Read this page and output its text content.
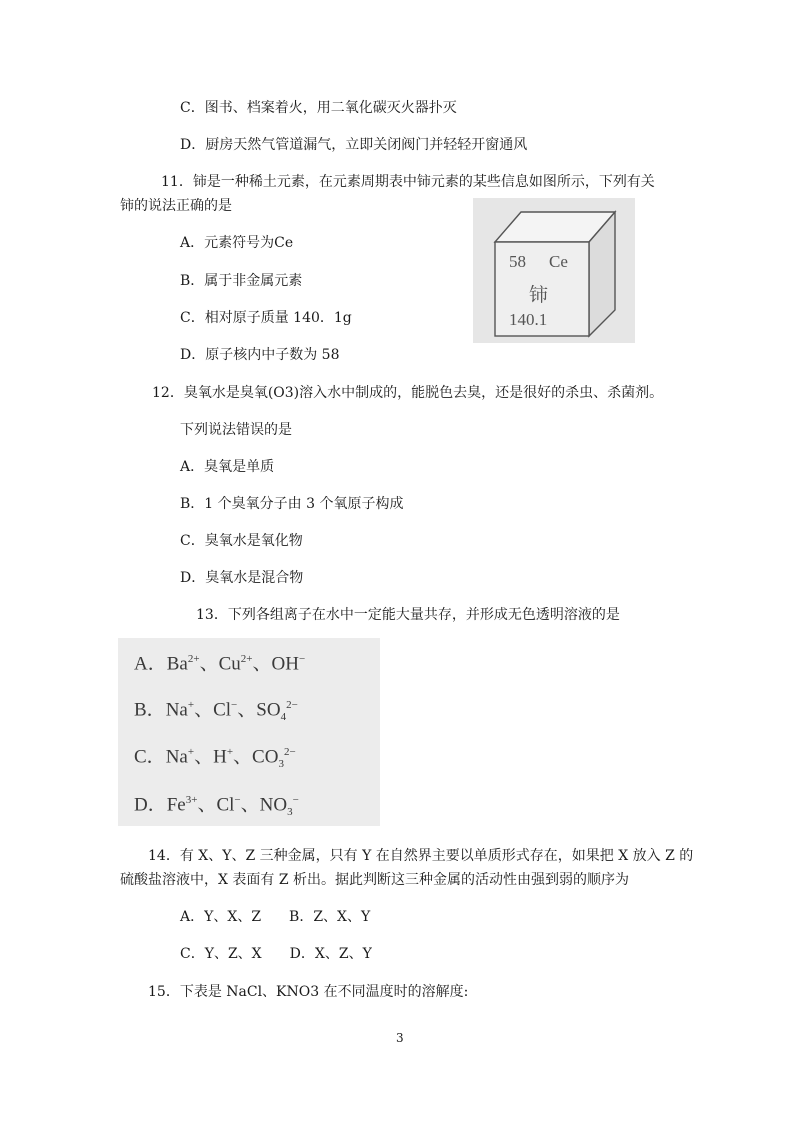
C．图书、档案着火，用二氧化碳灭火器扑灭
D．厨房天然气管道漏气，立即关闭阀门并轻轻开窗通风
11．铈是一种稀土元素，在元素周期表中铈元素的某些信息如图所示，下列有关
铈的说法正确的是
A．元素符号为Ce
B．属于非金属元素
C．相对原子质量 140．1g
D．原子核内中子数为 58
58 Ce
铈
140.1
12．臭氧水是臭氧(O3)溶入水中制成的，能脱色去臭，还是很好的杀虫、杀菌剂。
下列说法错误的是
A．臭氧是单质
B．1 个臭氧分子由 3 个氧原子构成
C．臭氧水是氧化物
D．臭氧水是混合物
13．下列各组离子在水中一定能大量共存，并形成无色透明溶液的是
A．$Ba^{2+}$、$Cu^{2+}$、OH−
B．Na+、Cl−、$SO_4^{2-}$
C．Na+、H+、$CO_3^{2-}$
D．$Fe^{3+}$、Cl−、$NO_3^-$
14．有 X、Y、Z 三种金属，只有 Y 在自然界主要以单质形式存在，如果把 X 放入 Z 的
硫酸盐溶液中，X 表面有 Z 析出。据此判断这三种金属的活动性由强到弱的顺序为
A．Y、X、Z　　B．Z、X、Y
C．Y、Z、X　　D．X、Z、Y
15．下表是 NaCl、KNO3 在不同温度时的溶解度:
3
